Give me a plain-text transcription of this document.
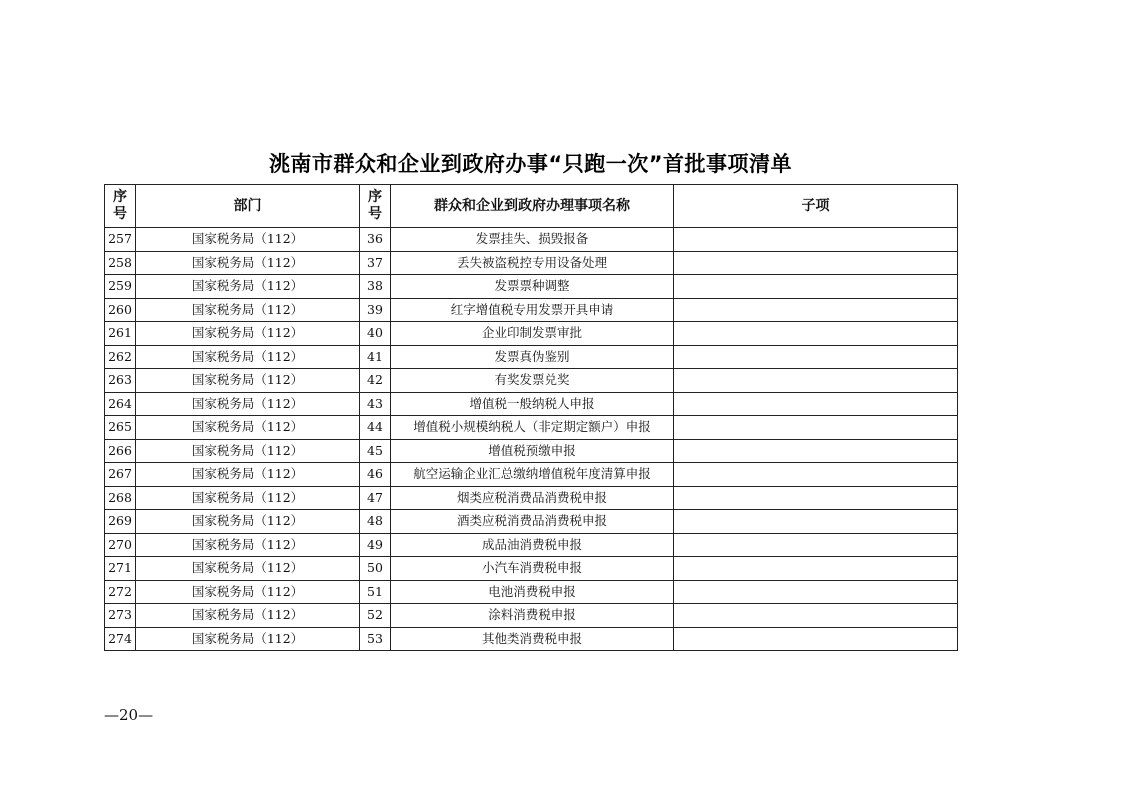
洮南市群众和企业到政府办事“只跑一次”首批事项清单
序号	部门	序号	群众和企业到政府办理事项名称	子项
257	国家税务局（112）	36	发票挂失、损毁报备	
258	国家税务局（112）	37	丢失被盗税控专用设备处理	
259	国家税务局（112）	38	发票票种调整	
260	国家税务局（112）	39	红字增值税专用发票开具申请	
261	国家税务局（112）	40	企业印制发票审批	
262	国家税务局（112）	41	发票真伪鉴别	
263	国家税务局（112）	42	有奖发票兑奖	
264	国家税务局（112）	43	增值税一般纳税人申报	
265	国家税务局（112）	44	增值税小规模纳税人（非定期定额户）申报	
266	国家税务局（112）	45	增值税预缴申报	
267	国家税务局（112）	46	航空运输企业汇总缴纳增值税年度清算申报	
268	国家税务局（112）	47	烟类应税消费品消费税申报	
269	国家税务局（112）	48	酒类应税消费品消费税申报	
270	国家税务局（112）	49	成品油消费税申报	
271	国家税务局（112）	50	小汽车消费税申报	
272	国家税务局（112）	51	电池消费税申报	
273	国家税务局（112）	52	涂料消费税申报	
274	国家税务局（112）	53	其他类消费税申报	
—20—
